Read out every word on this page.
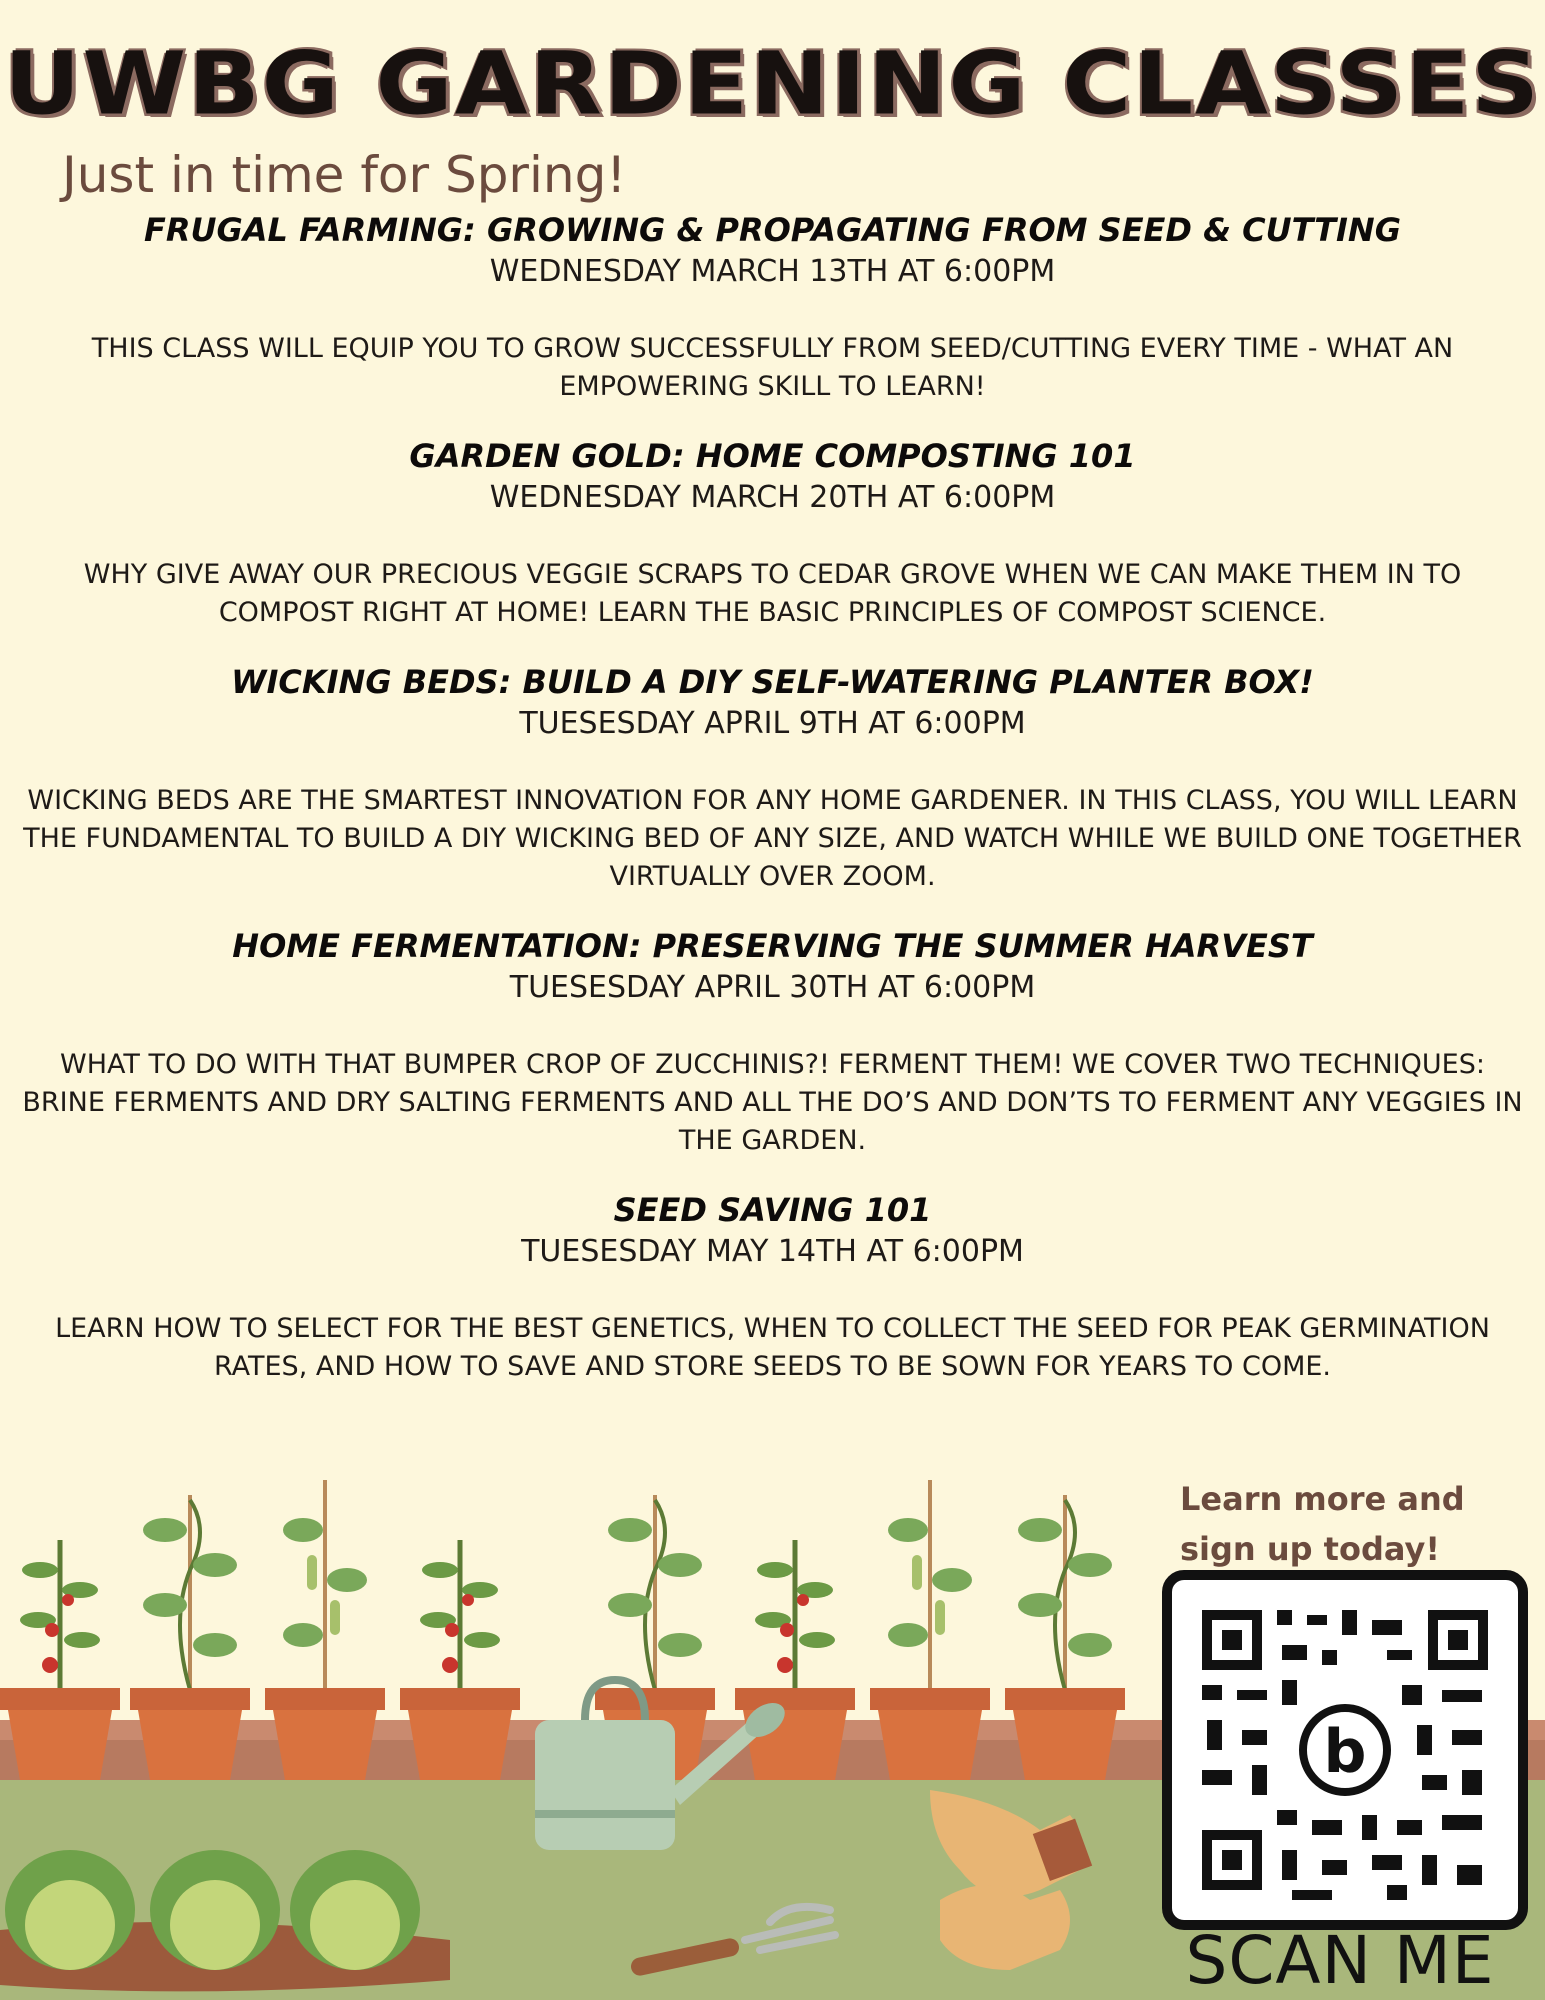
UWBG GARDENING CLASSES
Just in time for Spring!
FRUGAL FARMING: GROWING & PROPAGATING FROM SEED & CUTTING
WEDNESDAY MARCH 13TH AT 6:00PM
THIS CLASS WILL EQUIP YOU TO GROW SUCCESSFULLY FROM SEED/CUTTING EVERY TIME - WHAT AN EMPOWERING SKILL TO LEARN!
GARDEN GOLD: HOME COMPOSTING 101
WEDNESDAY MARCH 20TH AT 6:00PM
WHY GIVE AWAY OUR PRECIOUS VEGGIE SCRAPS TO CEDAR GROVE WHEN WE CAN MAKE THEM IN TO COMPOST RIGHT AT HOME! LEARN THE BASIC PRINCIPLES OF COMPOST SCIENCE.
WICKING BEDS: BUILD A DIY SELF-WATERING PLANTER BOX!
TUESESDAY APRIL 9TH AT 6:00PM
WICKING BEDS ARE THE SMARTEST INNOVATION FOR ANY HOME GARDENER. IN THIS CLASS, YOU WILL LEARN THE FUNDAMENTAL TO BUILD A DIY WICKING BED OF ANY SIZE, AND WATCH WHILE WE BUILD ONE TOGETHER VIRTUALLY OVER ZOOM.
HOME FERMENTATION: PRESERVING THE SUMMER HARVEST
TUESESDAY APRIL 30TH AT 6:00PM
WHAT TO DO WITH THAT BUMPER CROP OF ZUCCHINIS?! FERMENT THEM! WE COVER TWO TECHNIQUES: BRINE FERMENTS AND DRY SALTING FERMENTS AND ALL THE DO’S AND DON’TS TO FERMENT ANY VEGGIES IN THE GARDEN.
SEED SAVING 101
TUESESDAY MAY 14TH AT 6:00PM
LEARN HOW TO SELECT FOR THE BEST GENETICS, WHEN TO COLLECT THE SEED FOR PEAK GERMINATION RATES, AND HOW TO SAVE AND STORE SEEDS TO BE SOWN FOR YEARS TO COME.
Learn more and
sign up today!
b
SCAN ME
